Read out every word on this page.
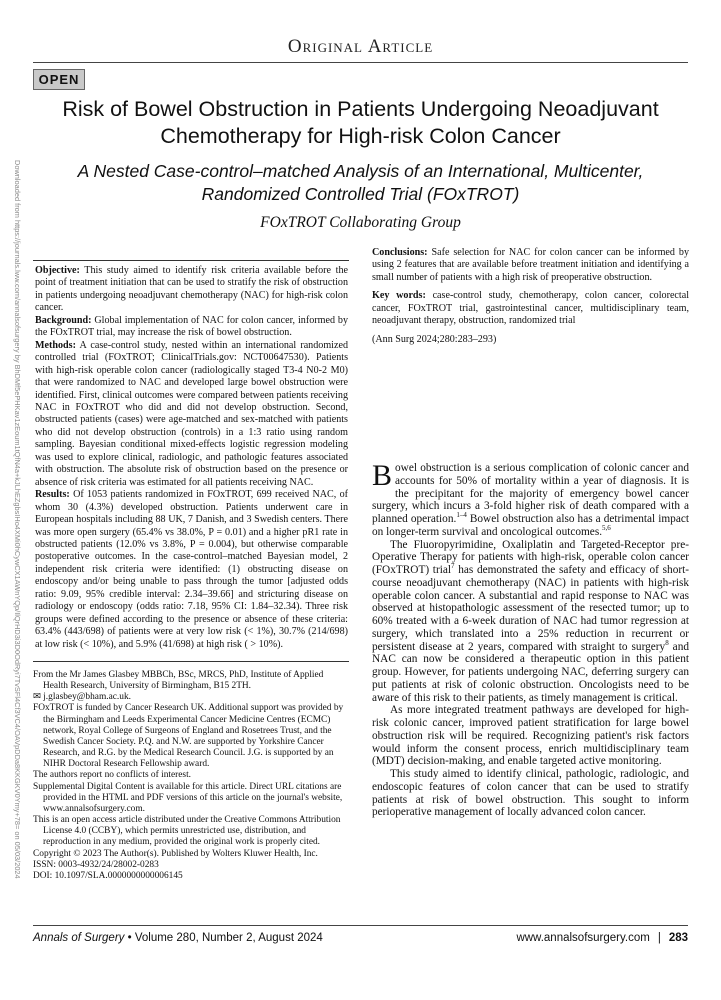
Original Article
OPEN
Risk of Bowel Obstruction in Patients Undergoing Neoadjuvant Chemotherapy for High-risk Colon Cancer
A Nested Case-control–matched Analysis of an International, Multicenter, Randomized Controlled Trial (FOxTROT)
FOxTROT Collaborating Group
Downloaded from https://journals.lww.com/annalsofsurgery by BhDMf5ePHKav1zEoum1tQfN4a+kJLhEZgbsIHo4XMi0hCywCX1AWnYQp/IlQrHD3i3D0OdRyi7TvSFl4Cf3VC4/OAVpDDa8KKGKV0Ymy+78= on 05/03/2024 Objective: This study aimed to identify risk criteria available before the point of treatment initiation that can be used to stratify the risk of obstruction in patients undergoing neoadjuvant chemotherapy (NAC) for high-risk colon cancer.

Background: Global implementation of NAC for colon cancer, informed by the FOxTROT trial, may increase the risk of bowel obstruction.

Methods: A case-control study, nested within an international randomized controlled trial (FOxTROT; ClinicalTrials.gov: NCT00647530). Patients with high-risk operable colon cancer (radiologically staged T3-4 N0-2 M0) that were randomized to NAC and developed large bowel obstruction were identified. First, clinical outcomes were compared between patients receiving NAC in FOxTROT who did and did not develop obstruction. Second, obstructed patients (cases) were age-matched and sex-matched with patients who did not develop obstruction (controls) in a 1:3 ratio using random sampling. Bayesian conditional mixed-effects logistic regression modeling was used to explore clinical, radiologic, and pathologic features associated with obstruction. The absolute risk of obstruction based on the presence or absence of risk criteria was estimated for all patients receiving NAC.

Results: Of 1053 patients randomized in FOxTROT, 699 received NAC, of whom 30 (4.3%) developed obstruction. Patients underwent care in European hospitals including 88 UK, 7 Danish, and 3 Swedish centers. There was more open surgery (65.4% vs 38.0%, P = 0.01) and a higher pR1 rate in obstructed patients (12.0% vs 3.8%, P = 0.004), but otherwise comparable postoperative outcomes. In the case-control–matched Bayesian model, 2 independent risk criteria were identified: (1) obstructing disease on endoscopy and/or being unable to pass through the tumor [adjusted odds ratio: 9.09, 95% credible interval: 2.34–39.66] and stricturing disease on radiology or endoscopy (odds ratio: 7.18, 95% CI: 1.84–32.34). Three risk groups were defined according to the presence or absence of these criteria: 63.4% (443/698) of patients were at very low risk (< 1%), 30.7% (214/698) at low risk (< 10%), and 5.9% (41/698) at high risk ( > 10%).

Conclusions: Safe selection for NAC for colon cancer can be informed by using 2 features that are available before treatment initiation and identifying a small number of patients with a high risk of preoperative obstruction.

Key words: case-control study, chemotherapy, colon cancer, colorectal cancer, FOxTROT trial, gastrointestinal cancer, multidisciplinary team, neoadjuvant therapy, obstruction, randomized trial

(Ann Surg 2024;280:283–293)

From the Mr James Glasbey MBBCh, BSc, MRCS, PhD, Institute of Applied Health Research, University of Birmingham, B15 2TH.

✉ j.glasbey@bham.ac.uk.

FOxTROT is funded by Cancer Research UK. Additional support was provided by the Birmingham and Leeds Experimental Cancer Medicine Centres (ECMC) network, Royal College of Surgeons of England and Rosetrees Trust, and the Swedish Cancer Society. P.Q. and N.W. are supported by Yorkshire Cancer Research, and R.G. by the Medical Research Council. J.G. is supported by an NIHR Doctoral Research Fellowship award.

The authors report no conflicts of interest.

Supplemental Digital Content is available for this article. Direct URL citations are provided in the HTML and PDF versions of this article on the journal's website, www.annalsofsurgery.com.

This is an open access article distributed under the Creative Commons Attribution License 4.0 (CCBY), which permits unrestricted use, distribution, and reproduction in any medium, provided the original work is properly cited.

Copyright © 2023 The Author(s). Published by Wolters Kluwer Health, Inc.

ISSN: 0003-4932/24/28002-0283

DOI: 10.1097/SLA.0000000000006145

Bowel obstruction is a serious complication of colonic cancer and accounts for 50% of mortality within a year of diagnosis. It is the precipitant for the majority of emergency bowel cancer surgery, which incurs a 3-fold higher risk of death compared with a planned operation.$^{1-4}$ Bowel obstruction also has a detrimental impact on longer-term survival and oncological outcomes.$^{5,6}$

The Fluoropyrimidine, Oxaliplatin and Targeted-Receptor pre-Operative Therapy for patients with high-risk, operable colon cancer (FOxTROT) trial$^7$ has demonstrated the safety and efficacy of short-course neoadjuvant chemotherapy (NAC) in patients with high-risk operable colon cancer. A substantial and rapid response to NAC was observed at histopathologic assessment of the resected tumor; up to 60% treated with a 6-week duration of NAC had tumor regression at surgery, which translated into a 25% reduction in recurrent or persistent disease at 2 years, compared with straight to surgery$^8$ and NAC can now be considered a therapeutic option in this patient group. However, for patients undergoing NAC, deferring surgery can put patients at risk of colonic obstruction. Oncologists need to be aware of this risk to their patients, as timely management is critical.

As more integrated treatment pathways are developed for high-risk colonic cancer, improved patient stratification for large bowel obstruction risk will be required. Recognizing patient's risk factors would inform the consent process, enrich multidisciplinary team (MDT) decision-making, and enable targeted active monitoring.

This study aimed to identify clinical, pathologic, radiologic, and endoscopic features of colon cancer that can be used to stratify patients at risk of bowel obstruction. This sought to inform perioperative management of locally advanced colon cancer.

Annals of Surgery • Volume 280, Number 2, August 2024	www.annalsofsurgery.com | 283
